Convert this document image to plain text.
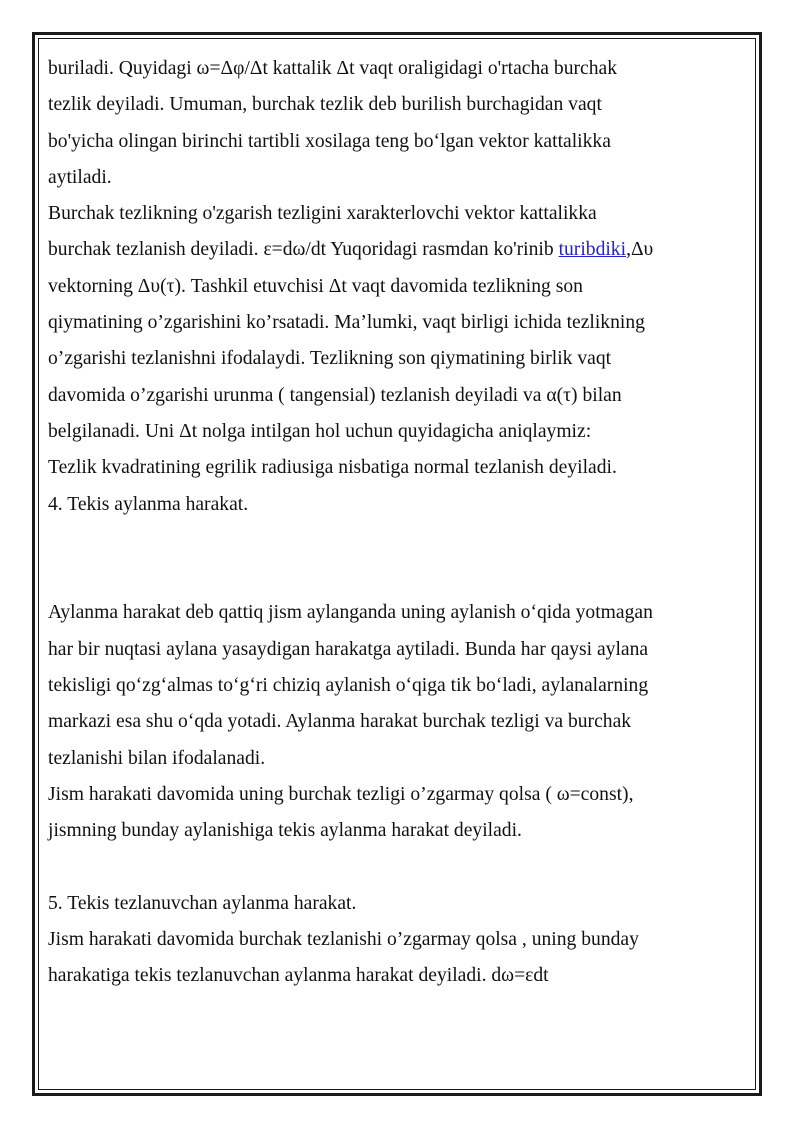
buriladi. Quyidagi ω=Δφ/Δt kattalik Δt vaqt oraligidagi o'rtacha burchak
tezlik deyiladi. Umuman, burchak tezlik deb burilish burchagidan vaqt
bo'yicha olingan birinchi tartibli xosilaga teng bo‘lgan vektor kattalikka
aytiladi.
Burchak tezlikning o'zgarish tezligini xarakterlovchi vektor kattalikka
burchak tezlanish deyiladi. ε=dω/dt Yuqoridagi rasmdan ko'rinib turibdiki,Δυ
vektorning Δυ(τ). Tashkil etuvchisi Δt vaqt davomida tezlikning son
qiymatining o’zgarishini ko’rsatadi. Ma’lumki, vaqt birligi ichida tezlikning
o’zgarishi tezlanishni ifodalaydi. Tezlikning son qiymatining birlik vaqt
davomida o’zgarishi urunma ( tangensial) tezlanish deyiladi va α(τ) bilan
belgilanadi. Uni Δt nolga intilgan hol uchun quyidagicha aniqlaymiz:
Tezlik kvadratining egrilik radiusiga nisbatiga normal tezlanish deyiladi.
4. Tekis aylanma harakat.
Aylanma harakat deb qattiq jism aylanganda uning aylanish o‘qida yotmagan
har bir nuqtasi aylana yasaydigan harakatga aytiladi. Bunda har qaysi aylana
tekisligi qo‘zg‘almas to‘g‘ri chiziq aylanish o‘qiga tik bo‘ladi, aylanalarning
markazi esa shu o‘qda yotadi. Aylanma harakat burchak tezligi va burchak
tezlanishi bilan ifodalanadi.
Jism harakati davomida uning burchak tezligi o’zgarmay qolsa ( ω=const),
jismning bunday aylanishiga tekis aylanma harakat deyiladi.
5. Tekis tezlanuvchan aylanma harakat.
Jism harakati davomida burchak tezlanishi o’zgarmay qolsa , uning bunday
harakatiga tekis tezlanuvchan aylanma harakat deyiladi. dω=εdt
